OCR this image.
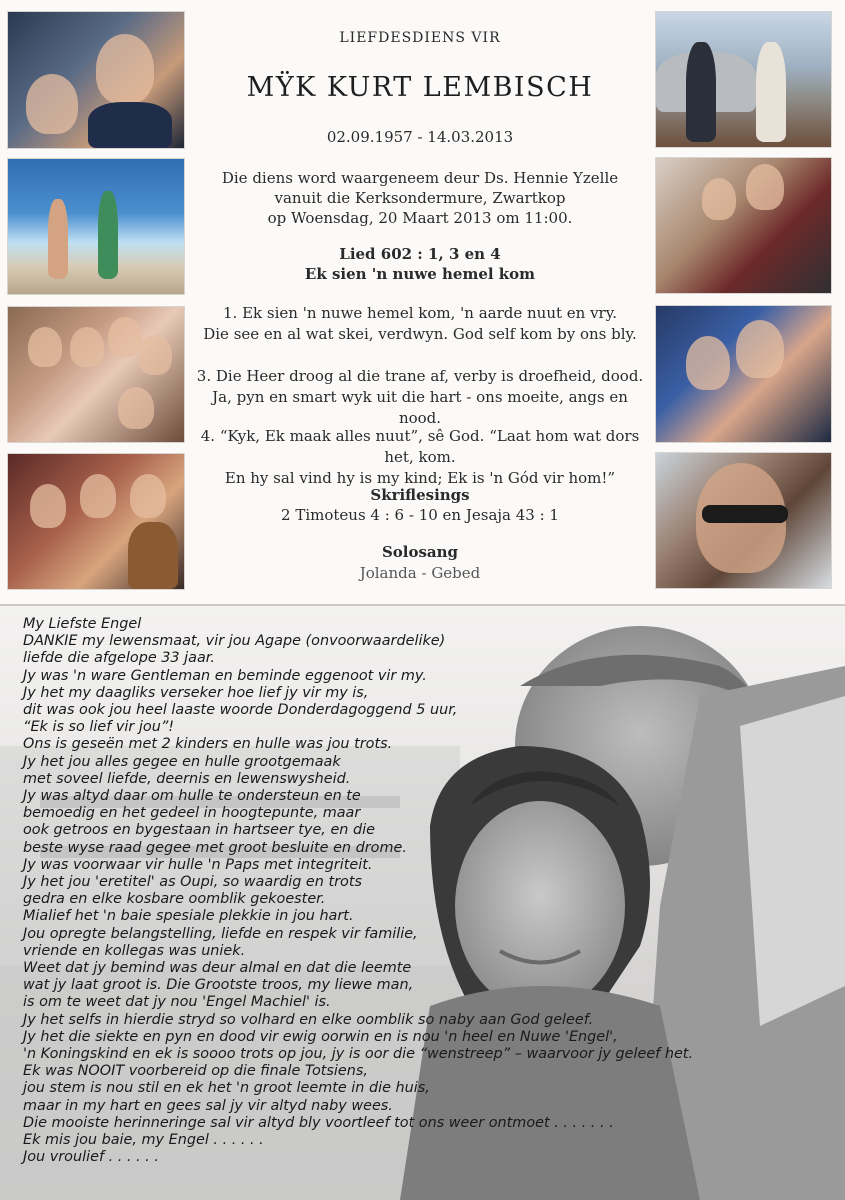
LIEFDESDIENS VIR
MŸK KURT LEMBISCH
02.09.1957 - 14.03.2013
Die diens word waargeneem deur Ds. Hennie Yzelle
vanuit die Kerksondermure, Zwartkop
op Woensdag, 20 Maart 2013 om 11:00.
Lied 602 : 1, 3 en 4
Ek sien 'n nuwe hemel kom
1. Ek sien 'n nuwe hemel kom, 'n aarde nuut en vry.
Die see en al wat skei, verdwyn. God self kom by ons bly.
3. Die Heer droog al die trane af, verby is droefheid, dood.
Ja, pyn en smart wyk uit die hart - ons moeite, angs en nood.
4. “Kyk, Ek maak alles nuut”, sê God. “Laat hom wat dors het, kom.
En hy sal vind hy is my kind; Ek is 'n Gód vir hom!”
Skriflesings
2 Timoteus 4 : 6 - 10 en Jesaja 43 : 1
Solosang
Jolanda - Gebed
My Liefste Engel
DANKIE my lewensmaat, vir jou Agape (onvoorwaardelike)
liefde die afgelope 33 jaar.
Jy was 'n ware Gentleman en beminde eggenoot vir my.
Jy het my daagliks verseker hoe lief jy vir my is,
dit was ook jou heel laaste woorde Donderdagoggend 5 uur,
“Ek is so lief vir jou”!
Ons is geseën met 2 kinders en hulle was jou trots.
Jy het jou alles gegee en hulle grootgemaak
met soveel liefde, deernis en lewenswysheid.
Jy was altyd daar om hulle te ondersteun en te
bemoedig en het gedeel in hoogtepunte, maar
ook getroos en bygestaan in hartseer tye, en die
beste wyse raad gegee met groot besluite en drome.
Jy was voorwaar vir hulle 'n Paps met integriteit.
Jy het jou 'eretitel' as Oupi, so waardig en trots
gedra en elke kosbare oomblik gekoester.
Mialief het 'n baie spesiale plekkie in jou hart.
Jou opregte belangstelling, liefde en respek vir familie,
vriende en kollegas was uniek.
Weet dat jy bemind was deur almal en dat die leemte
wat jy laat groot is. Die Grootste troos, my liewe man,
is om te weet dat jy nou 'Engel Machiel' is.
Jy het selfs in hierdie stryd so volhard en elke oomblik so naby aan God geleef.
Jy het die siekte en pyn en dood vir ewig oorwin en is nou 'n heel en Nuwe 'Engel',
'n Koningskind en ek is soooo trots op jou, jy is oor die “wenstreep” – waarvoor jy geleef het.
Ek was NOOIT voorbereid op die finale Totsiens,
jou stem is nou stil en ek het 'n groot leemte in die huis,
maar in my hart en gees sal jy vir altyd naby wees.
Die mooiste herinneringe sal vir altyd bly voortleef tot ons weer ontmoet . . . . . . .
Ek mis jou baie, my Engel . . . . . .
Jou vroulief . . . . . .
